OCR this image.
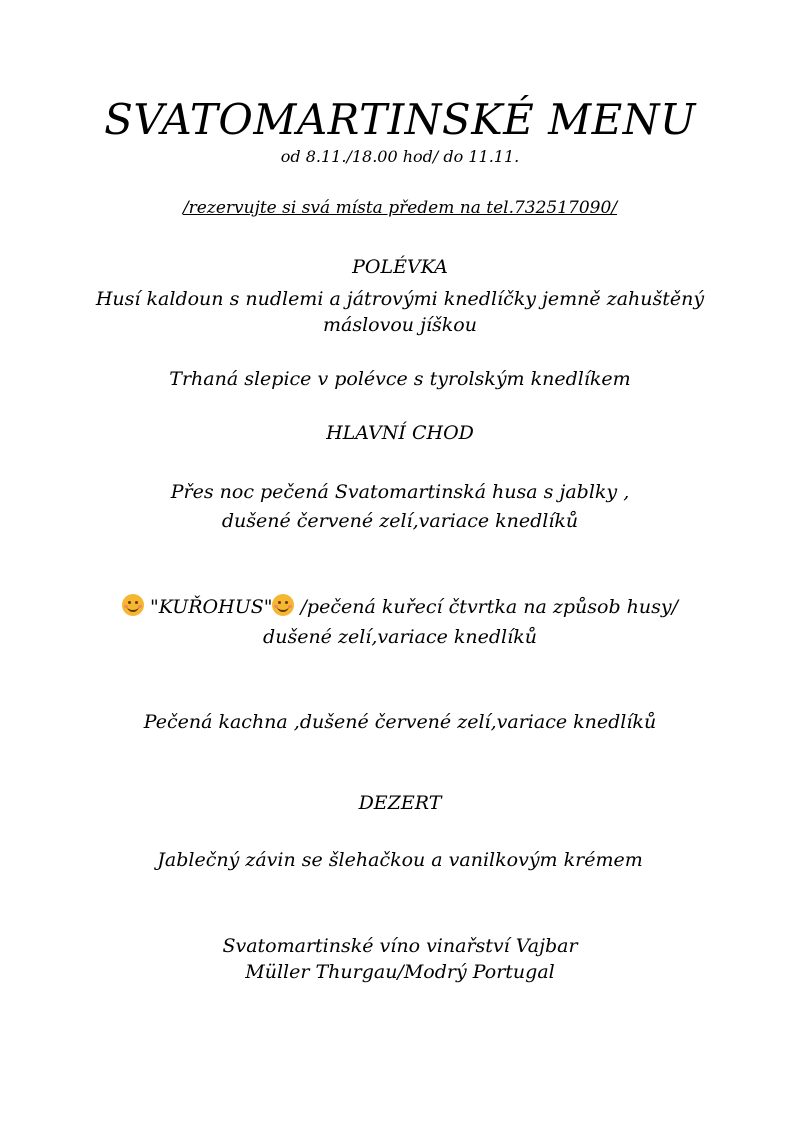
SVATOMARTINSKÉ MENU
od 8.11./18.00 hod/ do 11.11.
/rezervujte si svá místa předem na tel.732517090/
POLÉVKA
Husí kaldoun s nudlemi a játrovými knedlíčky jemně zahuštěný
máslovou jíškou
Trhaná slepice v polévce s tyrolským knedlíkem
HLAVNÍ CHOD
Přes noc pečená Svatomartinská husa s jablky ,
dušené červené zelí,variace knedlíků
"KUŘOHUS" /pečená kuřecí čtvrtka na způsob husy/
dušené zelí,variace knedlíků
Pečená kachna ,dušené červené zelí,variace knedlíků
DEZERT
Jablečný závin se šlehačkou a vanilkovým krémem
Svatomartinské víno vinařství Vajbar
Müller Thurgau/Modrý Portugal
